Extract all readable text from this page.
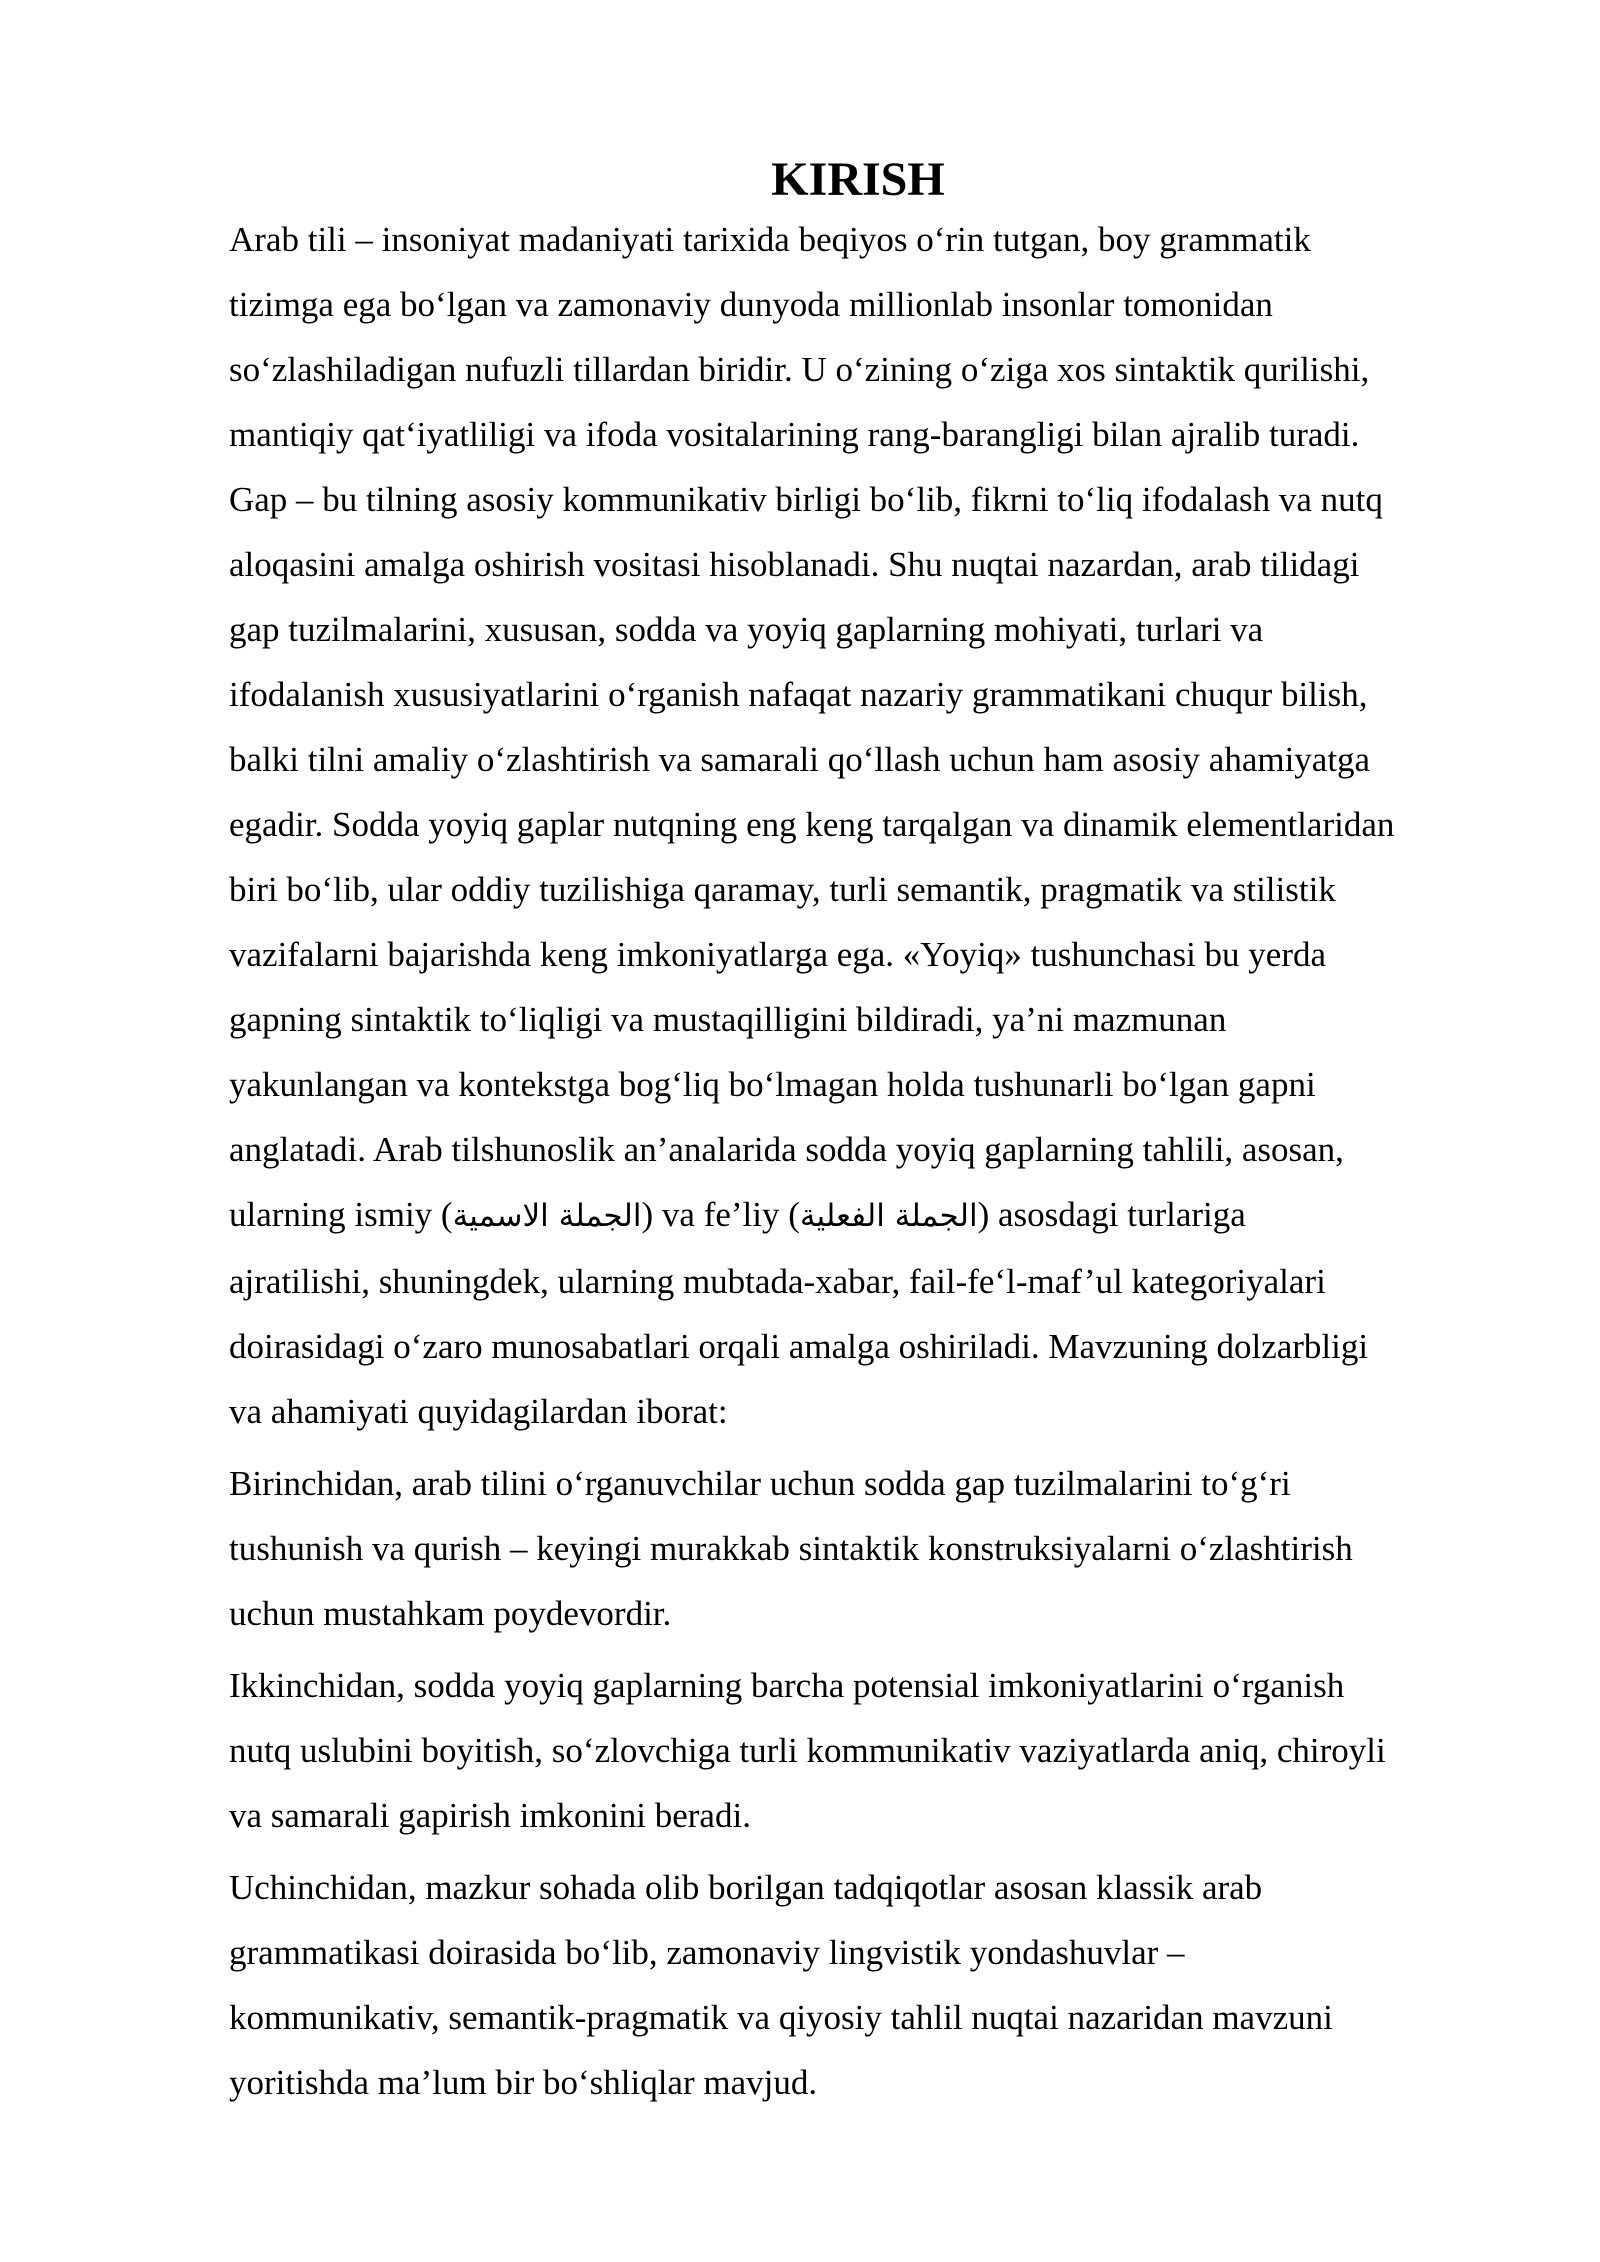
KIRISH

Arab tili – insoniyat madaniyati tarixida beqiyos o‘rin tutgan, boy grammatik

tizimga ega bo‘lgan va zamonaviy dunyoda millionlab insonlar tomonidan

so‘zlashiladigan nufuzli tillardan biridir. U o‘zining o‘ziga xos sintaktik qurilishi,

mantiqiy qat‘iyatliligi va ifoda vositalarining rang-barangligi bilan ajralib turadi.

Gap – bu tilning asosiy kommunikativ birligi bo‘lib, fikrni to‘liq ifodalash va nutq

aloqasini amalga oshirish vositasi hisoblanadi. Shu nuqtai nazardan, arab tilidagi

gap tuzilmalarini, xususan, sodda va yoyiq gaplarning mohiyati, turlari va

ifodalanish xususiyatlarini o‘rganish nafaqat nazariy grammatikani chuqur bilish,

balki tilni amaliy o‘zlashtirish va samarali qo‘llash uchun ham asosiy ahamiyatga

egadir. Sodda yoyiq gaplar nutqning eng keng tarqalgan va dinamik elementlaridan

biri bo‘lib, ular oddiy tuzilishiga qaramay, turli semantik, pragmatik va stilistik

vazifalarni bajarishda keng imkoniyatlarga ega. «Yoyiq» tushunchasi bu yerda

gapning sintaktik to‘liqligi va mustaqilligini bildiradi, ya’ni mazmunan

yakunlangan va kontekstga bog‘liq bo‘lmagan holda tushunarli bo‘lgan gapni

anglatadi. Arab tilshunoslik an’analarida sodda yoyiq gaplarning tahlili, asosan,

ularning ismiy (الجملة الاسمية) va fe’liy (الجملة الفعلية) asosdagi turlariga

ajratilishi, shuningdek, ularning mubtada-xabar, fail-fe‘l-maf’ul kategoriyalari

doirasidagi o‘zaro munosabatlari orqali amalga oshiriladi. Mavzuning dolzarbligi

va ahamiyati quyidagilardan iborat:

Birinchidan, arab tilini o‘rganuvchilar uchun sodda gap tuzilmalarini to‘g‘ri

tushunish va qurish – keyingi murakkab sintaktik konstruksiyalarni o‘zlashtirish

uchun mustahkam poydevordir.

Ikkinchidan, sodda yoyiq gaplarning barcha potensial imkoniyatlarini o‘rganish

nutq uslubini boyitish, so‘zlovchiga turli kommunikativ vaziyatlarda aniq, chiroyli

va samarali gapirish imkonini beradi.

Uchinchidan, mazkur sohada olib borilgan tadqiqotlar asosan klassik arab

grammatikasi doirasida bo‘lib, zamonaviy lingvistik yondashuvlar –

kommunikativ, semantik-pragmatik va qiyosiy tahlil nuqtai nazaridan mavzuni

yoritishda ma’lum bir bo‘shliqlar mavjud.
